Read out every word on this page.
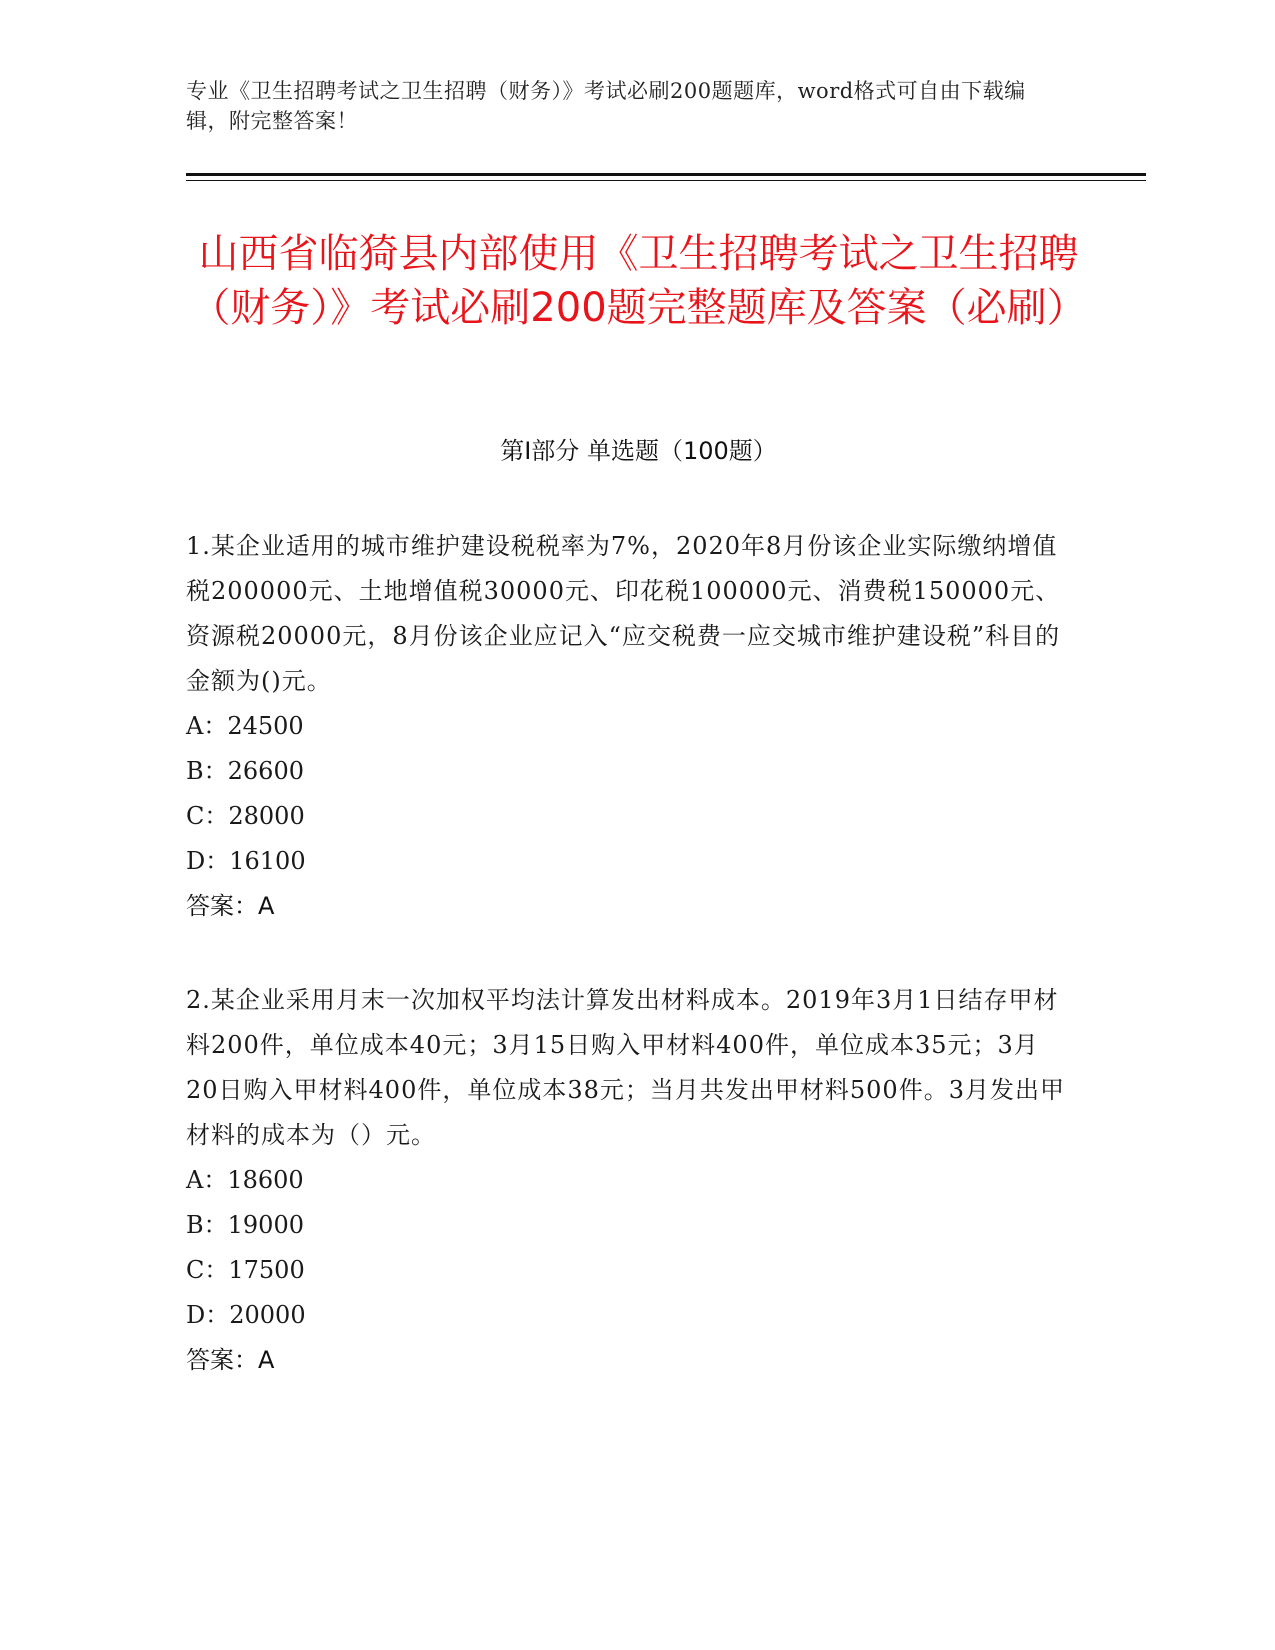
专业《卫生招聘考试之卫生招聘（财务）》考试必刷200题题库，word格式可自由下载编辑，附完整答案！
山西省临猗县内部使用《卫生招聘考试之卫生招聘（财务）》考试必刷200题完整题库及答案（必刷）
第I部分 单选题（100题）

1.某企业适用的城市维护建设税税率为7%，2020年8月份该企业实际缴纳增值税200000元、土地增值税30000元、印花税100000元、消费税150000元、资源税20000元，8月份该企业应记入“应交税费一应交城市维护建设税”科目的金额为()元。

A：24500

B：26600

C：28000

D：16100

答案：A

2.某企业采用月末一次加权平均法计算发出材料成本。2019年3月1日结存甲材料200件，单位成本40元；3月15日购入甲材料400件，单位成本35元；3月20日购入甲材料400件，单位成本38元；当月共发出甲材料500件。3月发出甲材料的成本为（）元。

A：18600

B：19000

C：17500

D：20000

答案：A
